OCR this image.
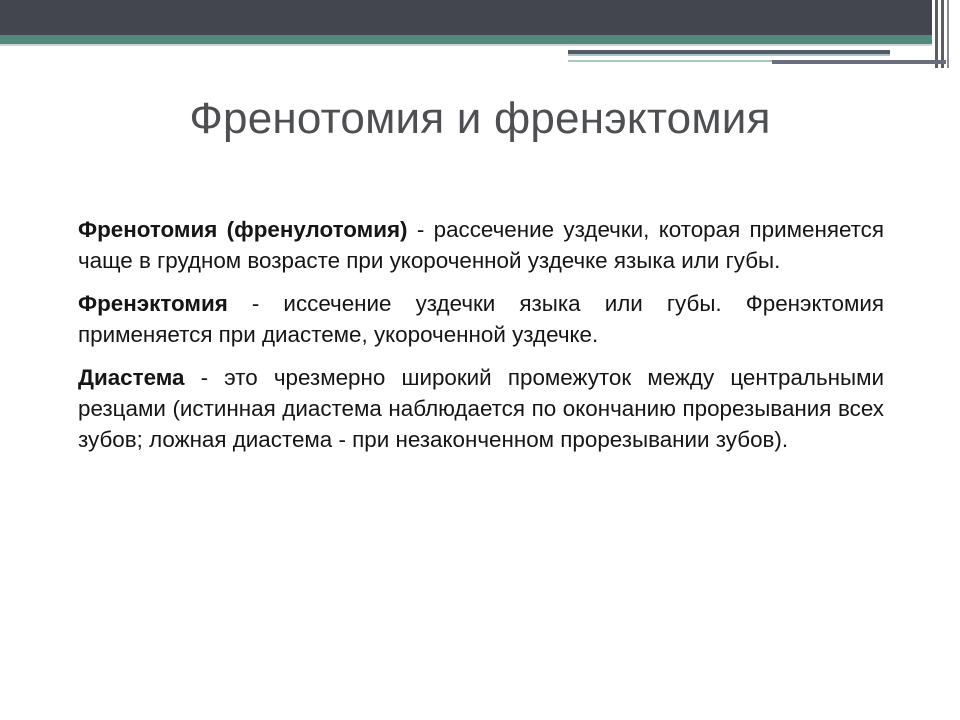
Френотомия и френэктомия

Френотомия (френулотомия) - рассечение уздечки, которая применяется чаще в грудном возрасте при укороченной уздечке языка или губы.

Френэктомия - иссечение уздечки языка или губы. Френэктомия применяется при диастеме, укороченной уздечке.

Диастема - это чрезмерно широкий промежуток между центральными резцами (истинная диастема наблюдается по окончанию прорезывания всех зубов; ложная диастема - при незаконченном прорезывании зубов).
